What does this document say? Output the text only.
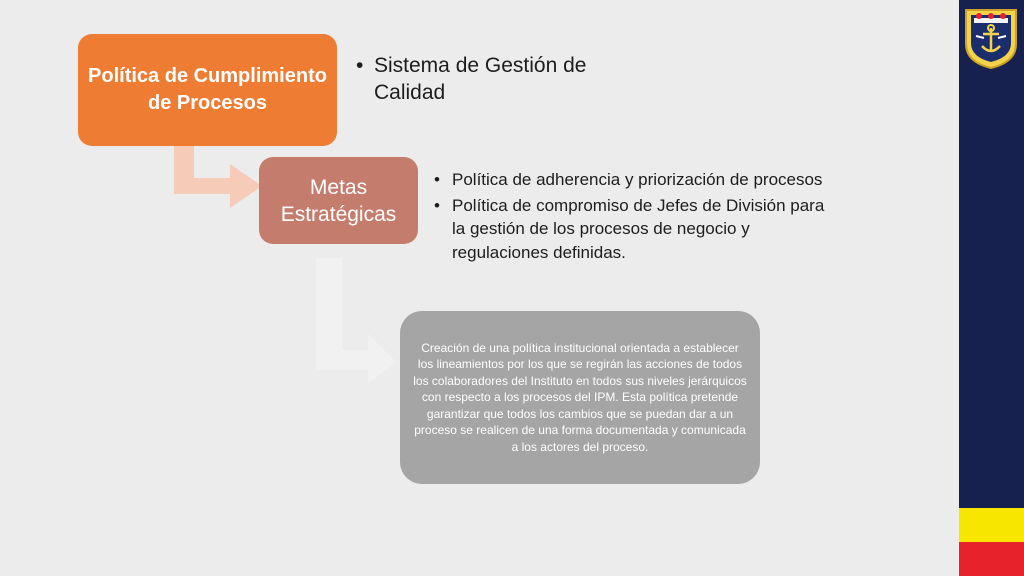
Política de Cumplimiento de Procesos
• Sistema de Gestión de Calidad
Metas Estratégicas
• Política de adherencia y priorización de procesos
• Política de compromiso de Jefes de División para la gestión de los procesos de negocio y regulaciones definidas.
Creación de una política institucional orientada a establecer los lineamientos por los que se regirán las acciones de todos los colaboradores del Instituto en todos sus niveles jerárquicos con respecto a los procesos del IPM. Esta política pretende garantizar que todos los cambios que se puedan dar a un proceso se realicen de una forma documentada y comunicada a los actores del proceso.
